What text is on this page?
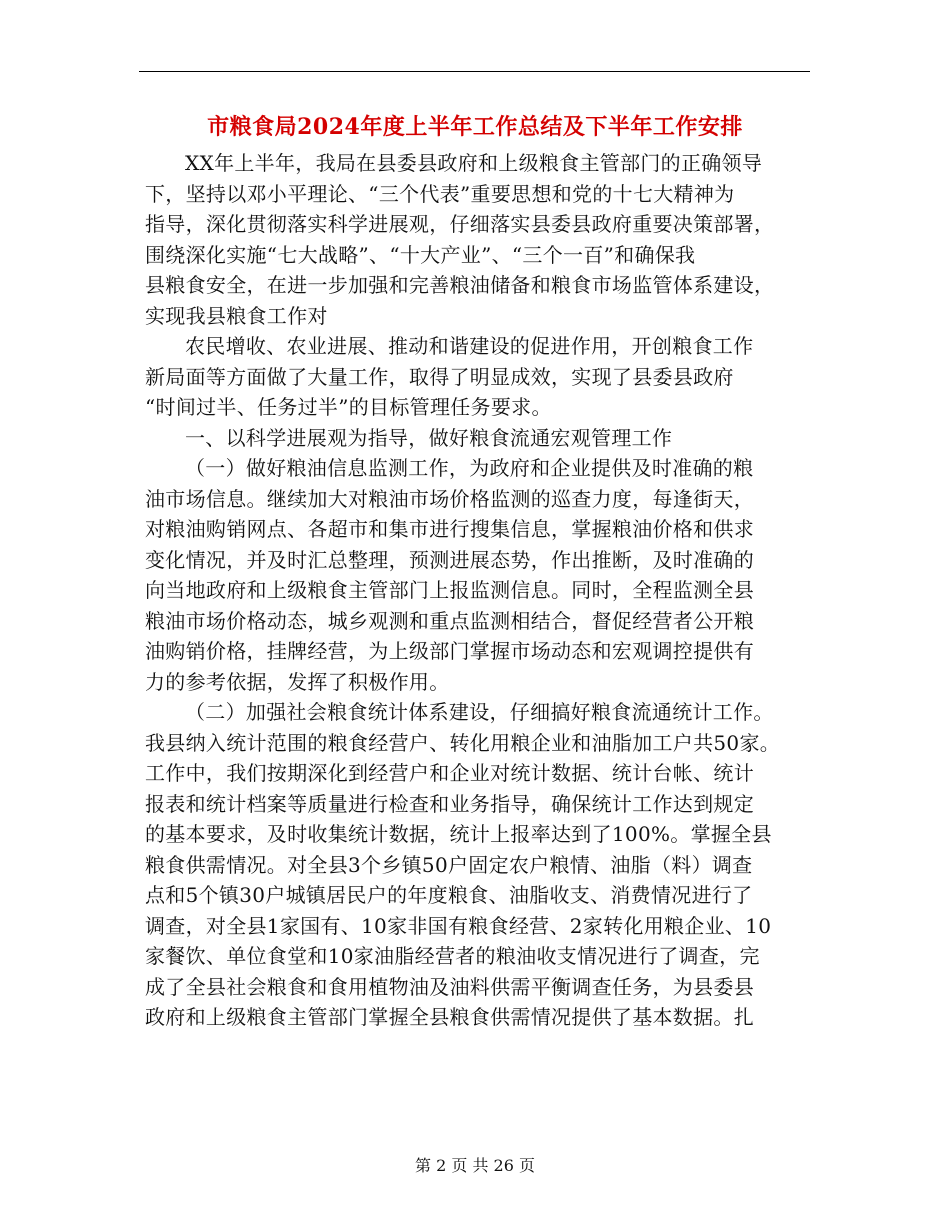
市粮食局2024年度上半年工作总结及下半年工作安排
XX年上半年，我局在县委县政府和上级粮食主管部门的正确领导
下，坚持以邓小平理论、“三个代表”重要思想和党的十七大精神为
指导，深化贯彻落实科学进展观，仔细落实县委县政府重要决策部署，
围绕深化实施“七大战略”、“十大产业”、“三个一百”和确保我
县粮食安全，在进一步加强和完善粮油储备和粮食市场监管体系建设，
实现我县粮食工作对
农民增收、农业进展、推动和谐建设的促进作用，开创粮食工作
新局面等方面做了大量工作，取得了明显成效，实现了县委县政府
“时间过半、任务过半”的目标管理任务要求。
一、以科学进展观为指导，做好粮食流通宏观管理工作
（一）做好粮油信息监测工作，为政府和企业提供及时准确的粮
油市场信息。继续加大对粮油市场价格监测的巡查力度，每逢街天，
对粮油购销网点、各超市和集市进行搜集信息，掌握粮油价格和供求
变化情况，并及时汇总整理，预测进展态势，作出推断，及时准确的
向当地政府和上级粮食主管部门上报监测信息。同时，全程监测全县
粮油市场价格动态，城乡观测和重点监测相结合，督促经营者公开粮
油购销价格，挂牌经营，为上级部门掌握市场动态和宏观调控提供有
力的参考依据，发挥了积极作用。
（二）加强社会粮食统计体系建设，仔细搞好粮食流通统计工作。
我县纳入统计范围的粮食经营户、转化用粮企业和油脂加工户共50家。
工作中，我们按期深化到经营户和企业对统计数据、统计台帐、统计
报表和统计档案等质量进行检查和业务指导，确保统计工作达到规定
的基本要求，及时收集统计数据，统计上报率达到了100%。掌握全县
粮食供需情况。对全县3个乡镇50户固定农户粮情、油脂（料）调查
点和5个镇30户城镇居民户的年度粮食、油脂收支、消费情况进行了
调查，对全县1家国有、10家非国有粮食经营、2家转化用粮企业、10
家餐饮、单位食堂和10家油脂经营者的粮油收支情况进行了调查，完
成了全县社会粮食和食用植物油及油料供需平衡调查任务，为县委县
政府和上级粮食主管部门掌握全县粮食供需情况提供了基本数据。扎
第 2 页 共 26 页
